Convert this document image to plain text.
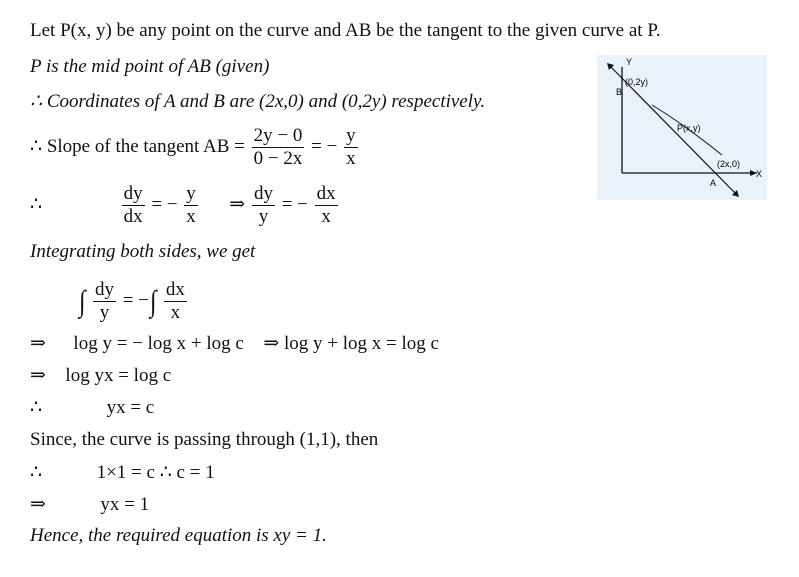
Let P(x, y) be any point on the curve and AB be the tangent to the given curve at P.
P is the mid point of AB (given)
∴ Coordinates of A and B are (2x,0) and (0,2y) respectively.
∴ Slope of the tangent AB = $\frac{2y - 0}{0 - 2x}$ = − $\frac{y}{x}$
∴	$\frac{dy}{dx}$ = − $\frac{y}{x}$ ⇒ $\frac{dy}{y}$ = − $\frac{dx}{x}$
Integrating both sides, we get
∫ $\frac{dy}{y}$ = −∫ $\frac{dx}{x}$
⇒ log y = − log x + log c ⇒ log y + log x = log c
⇒ log yx = log c
∴	yx = c
Since, the curve is passing through (1,1), then
∴	1×1 = c ∴ c = 1
⇒	yx = 1
Hence, the required equation is xy = 1.
Y
B
(0,2y)
P(x,y)
(2x,0)
A
X
